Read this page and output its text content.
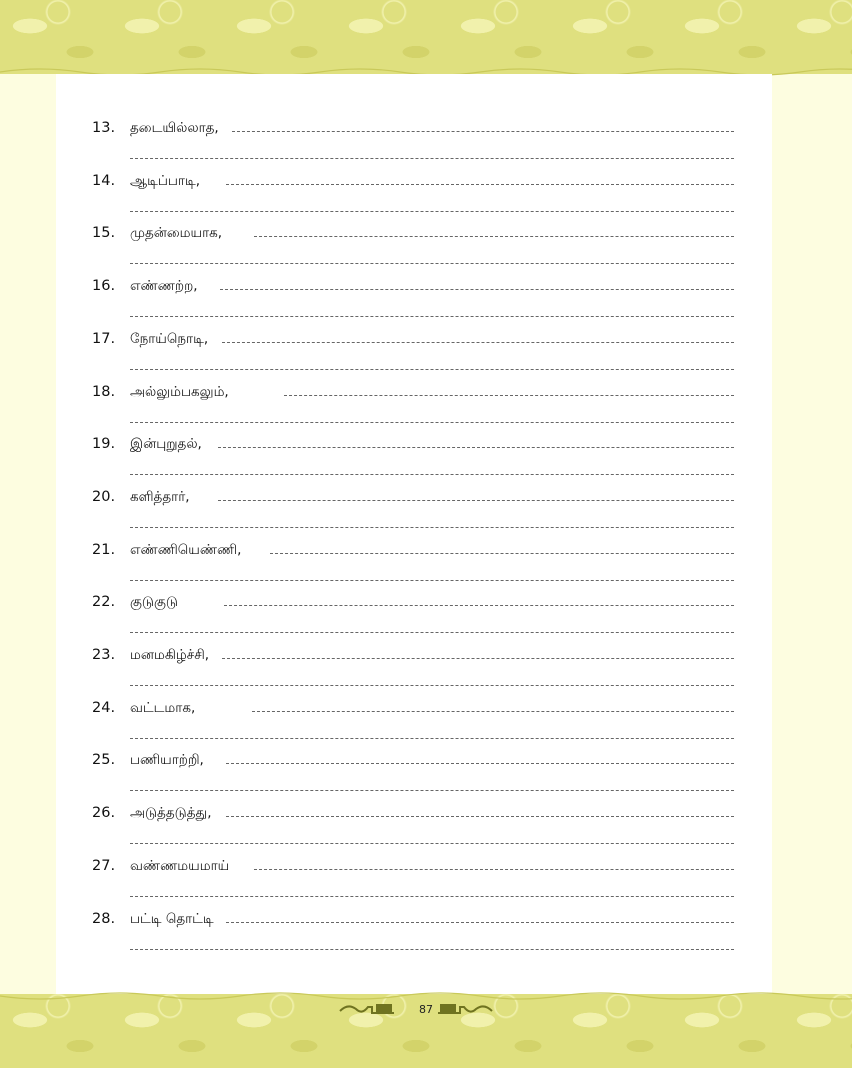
13.	தடையில்லாத,
14.	ஆடிப்பாடி,
15.	முதன்மையாக,
16.	எண்ணற்ற,
17.	நோய்நொடி,
18.	அல்லும்பகலும்,
19.	இன்புறுதல்,
20.	களித்தார்,
21.	எண்ணியெண்ணி,
22.	குடுகுடு
23.	மனமகிழ்ச்சி,
24.	வட்டமாக,
25.	பணியாற்றி,
26.	அடுத்தடுத்து,
27.	வண்ணமயமாய்
28.	பட்டி தொட்டி
87
